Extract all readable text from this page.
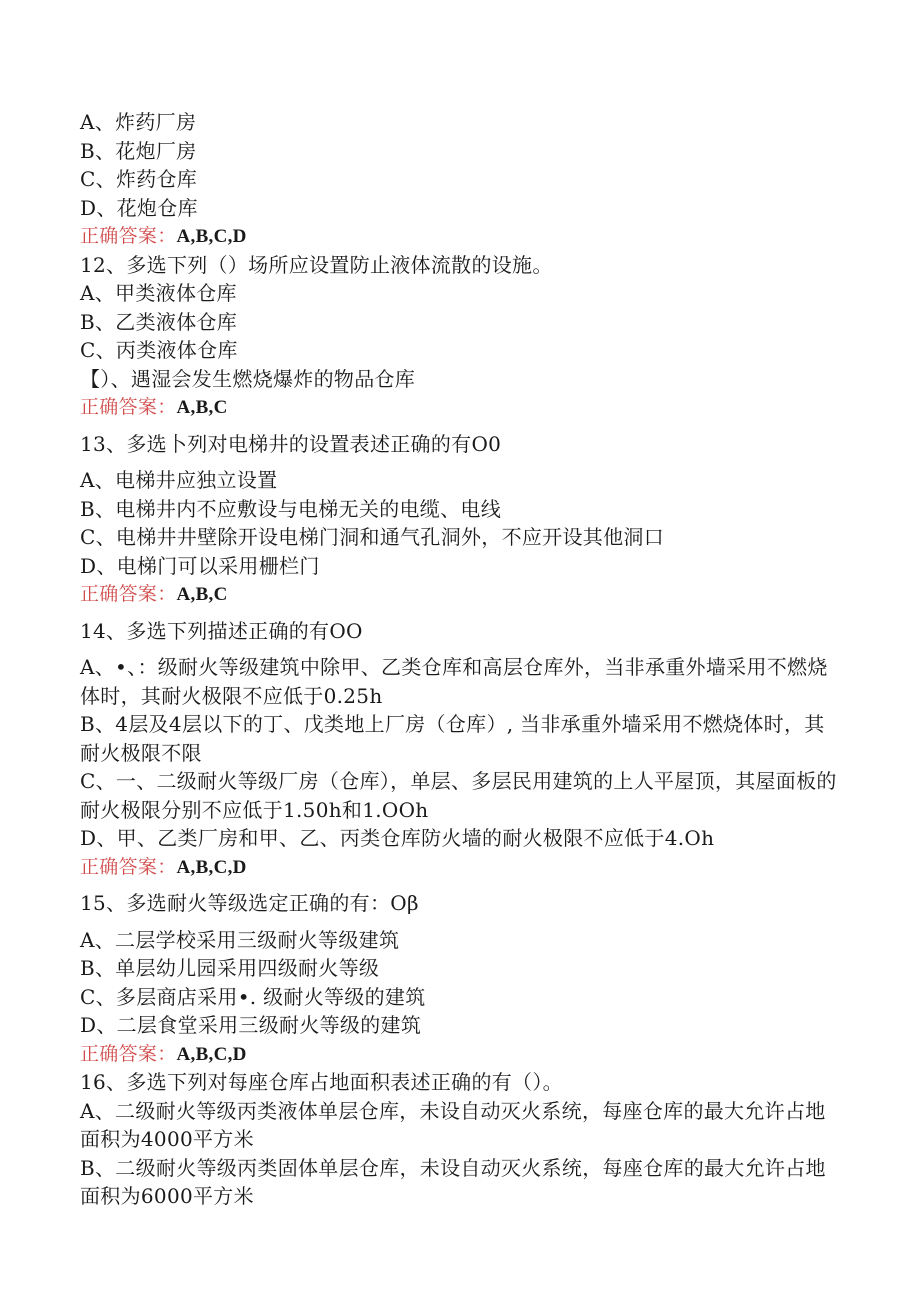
A、炸药厂房
B、花炮厂房
C、炸药仓库
D、花炮仓库
正确答案：A,B,C,D
12、多选下列（）场所应设置防止液体流散的设施。
A、甲类液体仓库
B、乙类液体仓库
C、丙类液体仓库
【）、遇湿会发生燃烧爆炸的物品仓库
正确答案：A,B,C
13、多选卜列对电梯井的设置表述正确的有O0
A、电梯井应独立设置
B、电梯井内不应敷设与电梯无关的电缆、电线
C、电梯井井壁除开设电梯门洞和通气孔洞外，不应开设其他洞口
D、电梯门可以采用栅栏门
正确答案：A,B,C
14、多选下列描述正确的有OO
A、•、：级耐火等级建筑中除甲、乙类仓库和高层仓库外，当非承重外墙采用不燃烧体时，其耐火极限不应低于0.25h
B、4层及4层以下的丁、戊类地上厂房（仓库）, 当非承重外墙采用不燃烧体时，其耐火极限不限
C、一、二级耐火等级厂房（仓库），单层、多层民用建筑的上人平屋顶，其屋面板的耐火极限分别不应低于1.50h和1.OOh
D、甲、乙类厂房和甲、乙、丙类仓库防火墙的耐火极限不应低于4.Oh
正确答案：A,B,C,D
15、多选耐火等级选定正确的有：Oβ
A、二层学校采用三级耐火等级建筑
B、单层幼儿园采用四级耐火等级
C、多层商店采用•. 级耐火等级的建筑
D、二层食堂采用三级耐火等级的建筑
正确答案：A,B,C,D
16、多选下列对每座仓库占地面积表述正确的有（）。
A、二级耐火等级丙类液体单层仓库，未设自动灭火系统，每座仓库的最大允许占地面积为4000平方米
B、二级耐火等级丙类固体单层仓库，未设自动灭火系统，每座仓库的最大允许占地面积为6000平方米
